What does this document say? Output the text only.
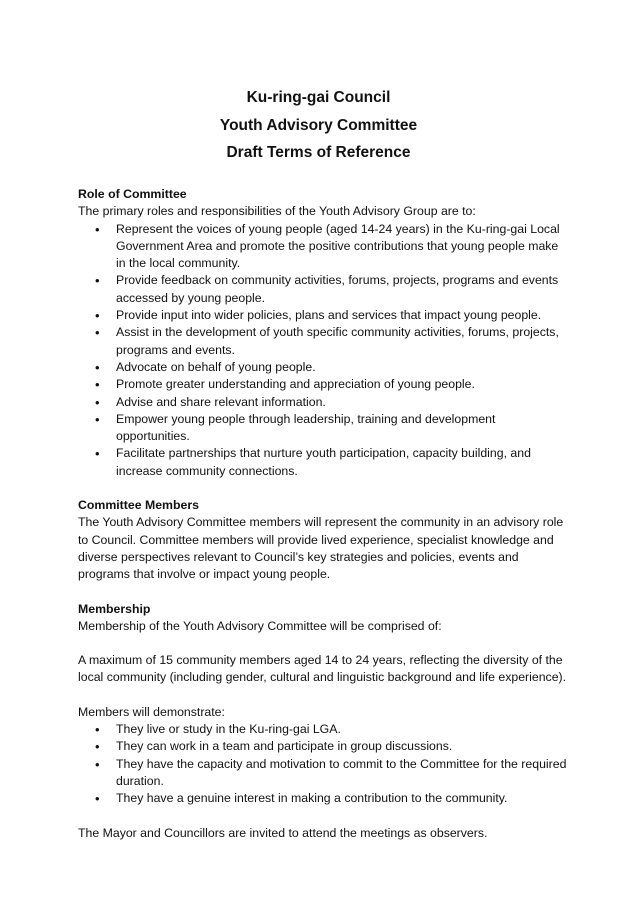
Ku-ring-gai Council
Youth Advisory Committee
Draft Terms of Reference

Role of Committee

The primary roles and responsibilities of the Youth Advisory Group are to:

• Represent the voices of young people (aged 14-24 years) in the Ku-ring-gai Local Government Area and promote the positive contributions that young people make in the local community.
• Provide feedback on community activities, forums, projects, programs and events accessed by young people.
• Provide input into wider policies, plans and services that impact young people.
• Assist in the development of youth specific community activities, forums, projects, programs and events.
• Advocate on behalf of young people.
• Promote greater understanding and appreciation of young people.
• Advise and share relevant information.
• Empower young people through leadership, training and development opportunities.
• Facilitate partnerships that nurture youth participation, capacity building, and increase community connections.

Committee Members

The Youth Advisory Committee members will represent the community in an advisory role to Council. Committee members will provide lived experience, specialist knowledge and diverse perspectives relevant to Council’s key strategies and policies, events and programs that involve or impact young people.

Membership

Membership of the Youth Advisory Committee will be comprised of:

A maximum of 15 community members aged 14 to 24 years, reflecting the diversity of the local community (including gender, cultural and linguistic background and life experience).

Members will demonstrate:

• They live or study in the Ku-ring-gai LGA.
• They can work in a team and participate in group discussions.
• They have the capacity and motivation to commit to the Committee for the required duration.
• They have a genuine interest in making a contribution to the community.

The Mayor and Councillors are invited to attend the meetings as observers.
